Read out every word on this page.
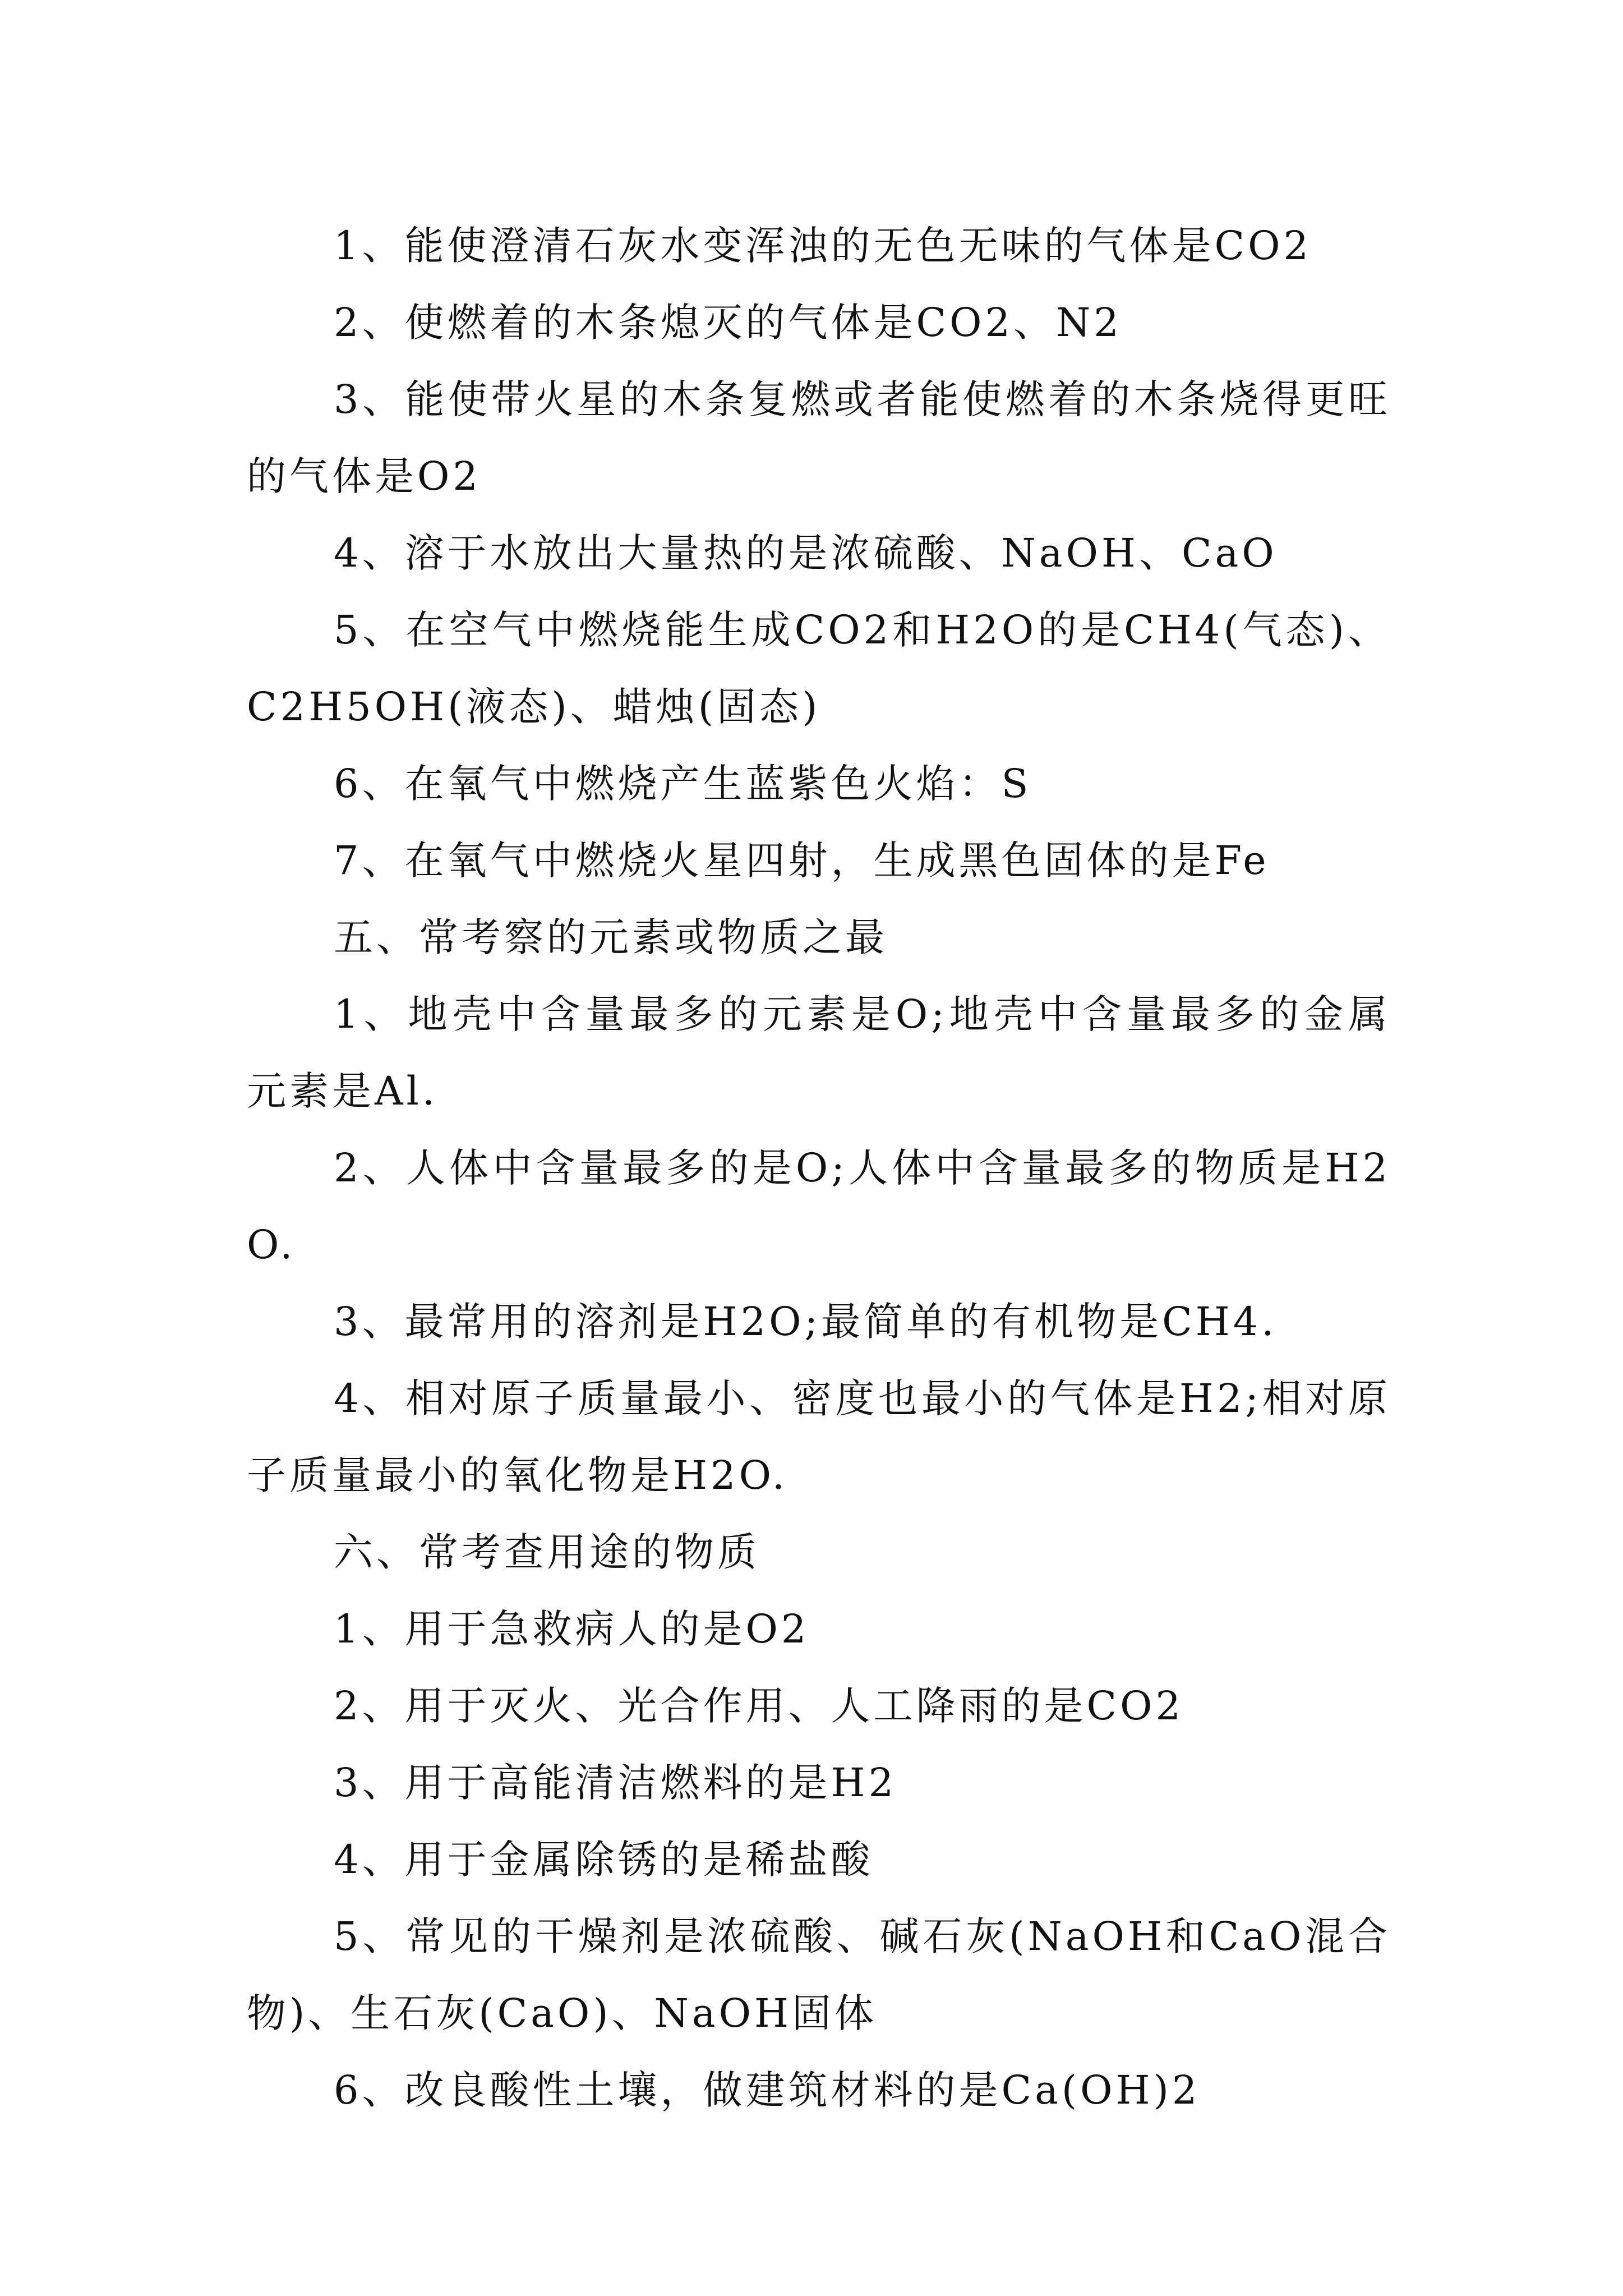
1、能使澄清石灰水变浑浊的无色无味的气体是CO2

2、使燃着的木条熄灭的气体是CO2、N2

3、能使带火星的木条复燃或者能使燃着的木条烧得更旺的气体是O2

4、溶于水放出大量热的是浓硫酸、NaOH、CaO

5、在空气中燃烧能生成CO2和H2O的是CH4(气态)、C2H5OH(液态)、蜡烛(固态)

6、在氧气中燃烧产生蓝紫色火焰：S

7、在氧气中燃烧火星四射，生成黑色固体的是Fe

五、常考察的元素或物质之最

1、地壳中含量最多的元素是O;地壳中含量最多的金属元素是Al.

2、人体中含量最多的是O;人体中含量最多的物质是H2O.

3、最常用的溶剂是H2O;最简单的有机物是CH4.

4、相对原子质量最小、密度也最小的气体是H2;相对原子质量最小的氧化物是H2O.

六、常考查用途的物质

1、用于急救病人的是O2

2、用于灭火、光合作用、人工降雨的是CO2

3、用于高能清洁燃料的是H2

4、用于金属除锈的是稀盐酸

5、常见的干燥剂是浓硫酸、碱石灰(NaOH和CaO混合物)、生石灰(CaO)、NaOH固体

6、改良酸性土壤，做建筑材料的是Ca(OH)2
